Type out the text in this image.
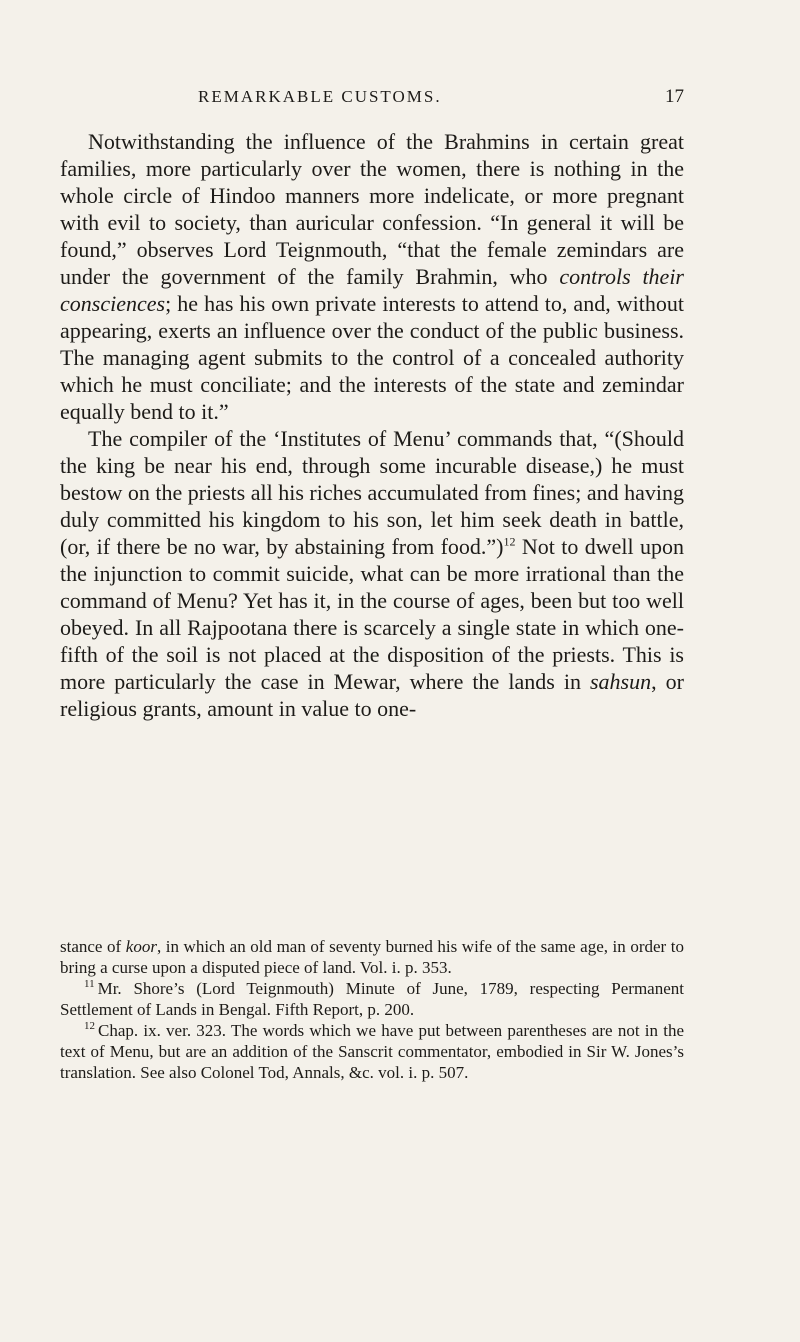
REMARKABLE CUSTOMS.	17

Notwithstanding the influence of the Brahmins in certain great families, more particularly over the women, there is nothing in the whole circle of Hindoo manners more indelicate, or more pregnant with evil to society, than auricular confession. “In general it will be found,” observes Lord Teignmouth, “that the female zemindars are under the government of the family Brahmin, who controls their consciences; he has his own private interests to attend to, and, without appearing, exerts an influence over the conduct of the public business. The managing agent submits to the control of a concealed authority which he must conciliate; and the interests of the state and zemindar equally bend to it.”

The compiler of the ‘Institutes of Menu’ commands that, “(Should the king be near his end, through some incurable disease,) he must bestow on the priests all his riches accumulated from fines; and having duly committed his kingdom to his son, let him seek death in battle, (or, if there be no war, by abstaining from food.”)$^{12}$ Not to dwell upon the injunction to commit suicide, what can be more irrational than the command of Menu? Yet has it, in the course of ages, been but too well obeyed. In all Rajpootana there is scarcely a single state in which one-fifth of the soil is not placed at the disposition of the priests. This is more particularly the case in Mewar, where the lands in sahsun, or religious grants, amount in value to one-

stance of koor, in which an old man of seventy burned his wife of the same age, in order to bring a curse upon a disputed piece of land. Vol. i. p. 353.

$^{11}$ Mr. Shore’s (Lord Teignmouth) Minute of June, 1789, respecting Permanent Settlement of Lands in Bengal. Fifth Report, p. 200.

$^{12}$ Chap. ix. ver. 323. The words which we have put between parentheses are not in the text of Menu, but are an addition of the Sanscrit commentator, embodied in Sir W. Jones’s translation. See also Colonel Tod, Annals, &c. vol. i. p. 507.
